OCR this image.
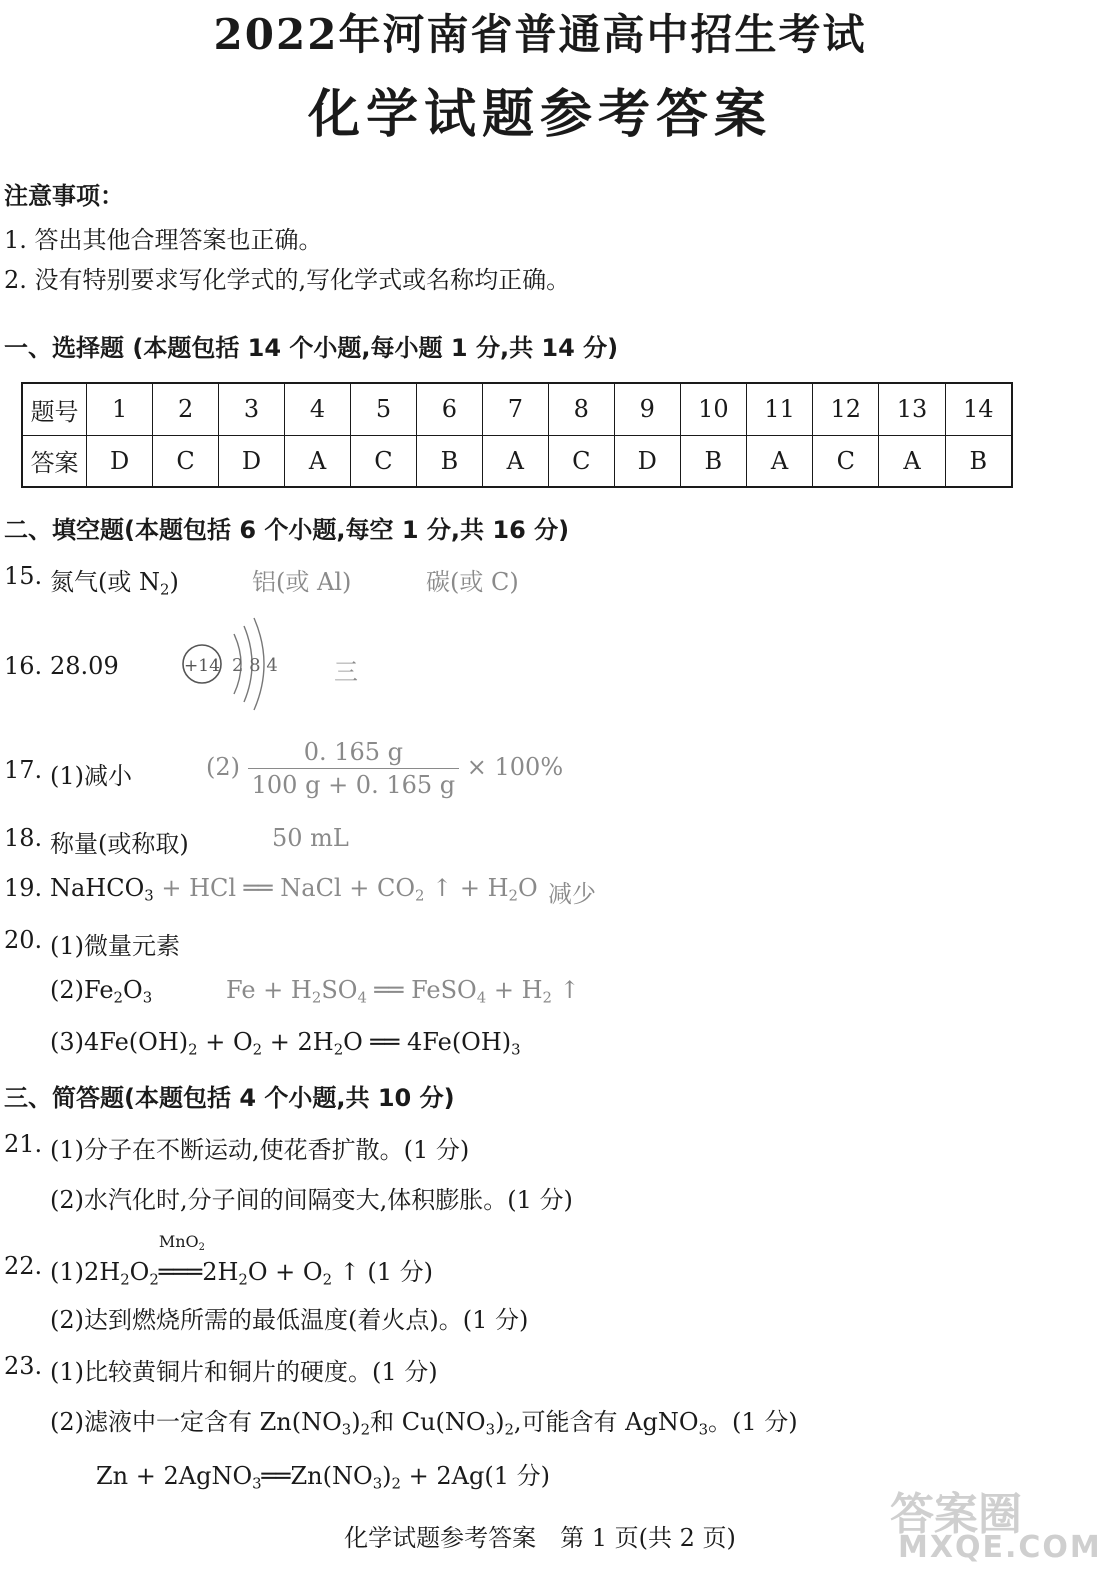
2022年河南省普通高中招生考试
化学试题参考答案
注意事项：
1. 答出其他合理答案也正确。
2. 没有特别要求写化学式的,写化学式或名称均正确。
一、选择题 (本题包括 14 个小题,每小题 1 分,共 14 分)
题号	1	2	3	4	5	6	7	8	9	10	11	12	13	14
答案	D	C	D	A	C	B	A	C	D	B	A	C	A	B
二、填空题(本题包括 6 个小题,每空 1 分,共 16 分)
15. 氮气(或 $N_2$)	铝(或 Al)	碳(或 C)
16. 28.09	+14 2 8 4 三
17. (1)减小	$(2) \frac{0. 165 g}{100 g + 0. 165 g} \times 100\%$
18. 称量(或称取)	50 mL
19. NaHCO$_3$ + HCl ══ NaCl + $CO_2$ ↑ + $H_2O$ 减少
20. (1)微量元素
$(2)Fe_2O_3$	$Fe + H_2SO_4$ ══ FeSO$_4$ + $H_2$ ↑
$(3)4Fe(OH)_2 + O_2 + 2H_2O$ ══ $4Fe(OH)_3$
三、简答题(本题包括 4 个小题,共 10 分)
21. (1)分子在不断运动,使花香扩散。(1 分)
(2)水汽化时,分子间的间隔变大,体积膨胀。(1 分)
22. $(1)2H_2O_2$
MnO$_2$
$═══2H_2O + O_2$ ↑ (1 分)
(2)达到燃烧所需的最低温度(着火点)。(1 分)
23. (1)比较黄铜片和铜片的硬度。(1 分)
(2)滤液中一定含有 $Zn(NO_3)_2$和 $Cu(NO_3)_2$,可能含有 AgNO$_3$。(1 分)
$Zn + 2AgNO_3══Zn(NO_3)_2 + 2Ag(1$ 分)
化学试题参考答案　第 1 页(共 2 页)	答案圈
MXQE.COM
